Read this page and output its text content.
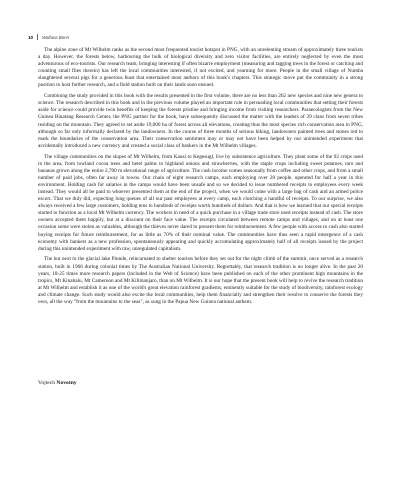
10 Wallace Bonn

The alpine zone of Mt Wilhelm ranks as the second most frequented tourist hotspot in PNG, with an unrelenting stream of approximately three tourists a day. However, the forests below, harbouring the bulk of biological diversity and zero visitor facilities, are entirely neglected by even the most adventurous of eco-tourists. Our research team, bringing interesting if often bizarre employment (measuring and tagging trees in the forest or catching and counting small flies therein) has left the local communities interested, if not excited, and yearning for more. People in the small village of Numba slaughtered several pigs for a generous feast that entertained most authors of this book's chapters. This strategic move put the community in a strong position to host further research, and a field station built on their lands soon ensued.

Combining the study provided in this book with the results presented in the first volume, there are no less than 262 new species and nine new genera to science. The research described in this book and in the previous volume played an important role in persuading local communities that setting their forests aside for science could provide twin benefits of keeping the forests pristine and bringing income from visiting researchers. Paraecologists from the New Guinea Binatang Research Center, the PNG partner for the book, have subsequently discussed the matter with the leaders of 39 clans from seven tribes residing on the mountain. They agreed to set aside 19,000 ha of forest across all elevations, creating thus the most species rich conservation area in PNG, although so far only informally declared by the landowners. In the course of three months of serious hiking, landowners painted trees and stones red to mark the boundaries of the conservation area. Their conservation sentiment may or may not have been helped by our unintended experiment that accidentally introduced a new currency and created a social class of bankers in the Mt Wilhelm villages.

The village communities on the slopes of Mt Wilhelm, from Kausi to Kegesugl, live by subsistence agriculture. They plant some of the 92 crops used in the area, from lowland cocoa trees and betel palms to highland onions and strawberries, with the staple crops including sweet potatoes, taro and bananas grown along the entire 2,700 m elevational range of agriculture. The cash income comes seasonally from coffee and other crops, and from a small number of paid jobs, often far away in towns. Our chain of eight research camps, each employing over 20 people, operated for half a year in this environment. Holding cash for salaries in the camps would have been unsafe and so we decided to issue numbered receipts to employees every week instead. They would all be paid to whoever presented them at the end of the project, when we would come with a large bag of cash and an armed police escort. That we duly did, expecting long queues of all our past employees at every camp, each clutching a handful of receipts. To our surprise, we also always received a few large customers, holding tens to hundreds of receipts worth hundreds of dollars. And that is how we learned that our special receipts started to function as a local Mt Wilhelm currency. The workers in need of a quick purchase in a village trade store used receipts instead of cash. The store owners accepted them happily, but at a discount on their face value. The receipts circulated between remote camps and villages, and on at least one occasion some were stolen as valuables, although the thieves never dared to present them for reimbursement. A few people with access to cash also started buying receipts for future reimbursement, for as little as 70% of their nominal value. The communities have thus seen a rapid emergence of a cash economy with bankers as a new profession, spontaneously appearing and quickly accumulating approximately half of all receipts issued by the project during this unintended experiment with raw, unregulated capitalism.

The hut next to the glacial lake Piunde, reincarnated to shelter tourists before they set out for the night climb of the summit, once served as a research station, built in 1966 during colonial times by The Australian National University. Regrettably, that research tradition is no longer alive. In the past 20 years, 18-25 times more research papers (included in the Web of Science) have been published on each of the other prominent high mountains in the tropics, Mt Kinabalu, Mt Cameroon and Mt Kilimanjaro, than on Mt Wilhelm. It is our hope that the present book will help to revive the research tradition at Mt Wilhelm and establish it as one of the world's great elevation rainforest gradients, eminently suitable for the study of biodiversity, rainforest ecology and climate change. Such study would also excite the local communities, help them financially and strengthen their resolve to conserve the forests they own, all the way "from the mountains to the seas", as sung in the Papua New Guinea national anthem.

Vojtech Novotny
